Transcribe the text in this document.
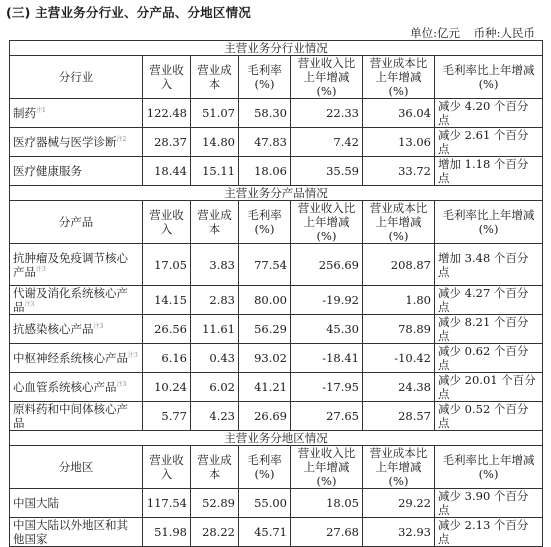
(三) 主营业务分行业、分产品、分地区情况
单位:亿元 币种:人民币
主营业务分行业情况						
分行业	营业收入	营业成本	毛利率(%)	营业收入比上年增减(%)	营业成本比上年增减(%)	毛利率比上年增减(%)
制药$^{注1}$	122.48	51.07	58.30	22.33	36.04	减少 4.20 个百分点
医疗器械与医学诊断$^{注2}$	28.37	14.80	47.83	7.42	13.06	减少 2.61 个百分点
医疗健康服务	18.44	15.11	18.06	35.59	33.72	增加 1.18 个百分点
主营业务分产品情况						
分产品	营业收入	营业成本	毛利率(%)	营业收入比上年增减(%)	营业成本比上年增减(%)	毛利率比上年增减(%)
抗肿瘤及免疫调节核心产品$^{注3}$	17.05	3.83	77.54	256.69	208.87	增加 3.48 个百分点
代谢及消化系统核心产品$^{注3}$	14.15	2.83	80.00	-19.92	1.80	减少 4.27 个百分点
抗感染核心产品$^{注3}$	26.56	11.61	56.29	45.30	78.89	减少 8.21 个百分点
中枢神经系统核心产品$^{注3}$	6.16	0.43	93.02	-18.41	-10.42	减少 0.62 个百分点
心血管系统核心产品$^{注3}$	10.24	6.02	41.21	-17.95	24.38	减少 20.01 个百分点
原料药和中间体核心产品	5.77	4.23	26.69	27.65	28.57	减少 0.52 个百分点
主营业务分地区情况						
分地区	营业收入	营业成本	毛利率(%)	营业收入比上年增减(%)	营业成本比上年增减(%)	毛利率比上年增减(%)
中国大陆	117.54	52.89	55.00	18.05	29.22	减少 3.90 个百分点
中国大陆以外地区和其他国家	51.98	28.22	45.71	27.68	32.93	减少 2.13 个百分点
